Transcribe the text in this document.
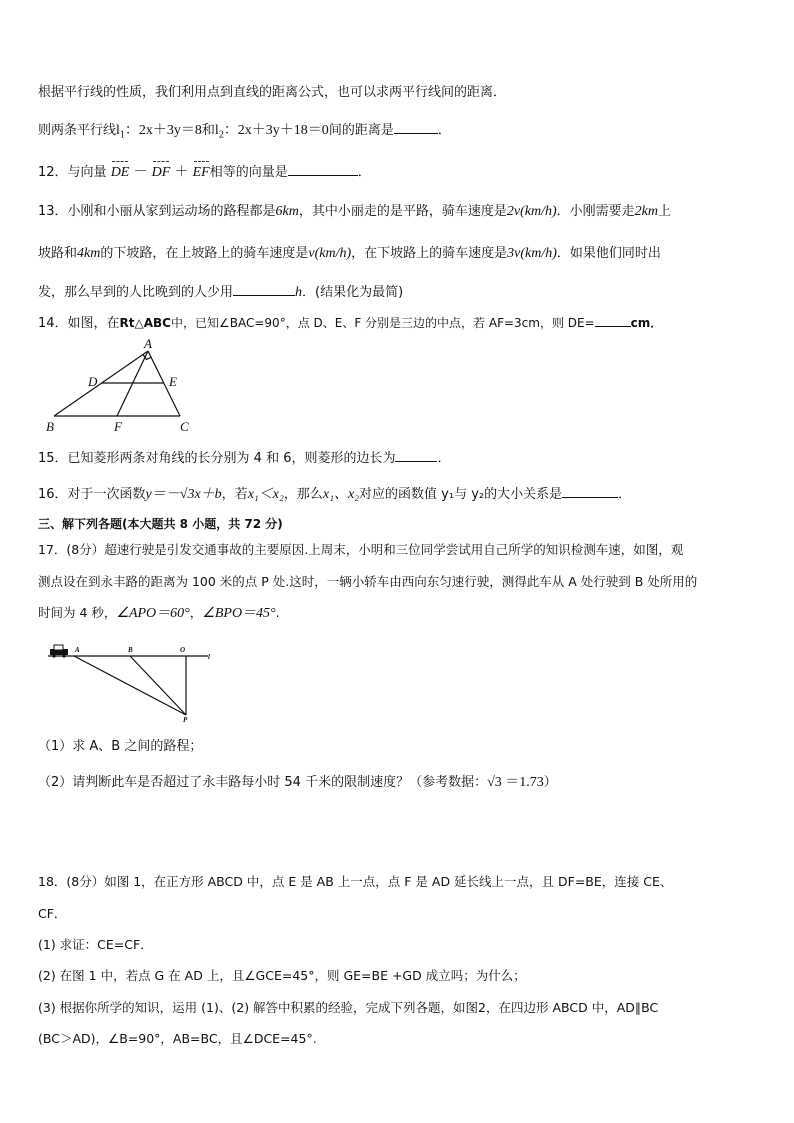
根据平行线的性质，我们利用点到直线的距离公式，也可以求两平行线间的距离．
则两条平行线$l_1$：2x＋3y＝8和$l_2$：2x＋3y＋18＝0间的距离是	．
12．与向量 DE － DF ＋ EF相等的向量是	．
13．小刚和小丽从家到运动场的路程都是6km，其中小丽走的是平路，骑车速度是2v(km/h)．小刚需要走2km上
坡路和4km的下坡路，在上坡路上的骑车速度是v(km/h)，在下坡路上的骑车速度是3v(km/h)．如果他们同时出
发，那么早到的人比晚到的人少用	h．(结果化为最简)
14．如图，在Rt△ABC中，已知∠BAC=90°，点 D、E、F 分别是三边的中点，若 AF=3cm，则 DE=	cm．
A
D	E
B	F	C
15．已知菱形两条对角线的长分别为 4 和 6，则菱形的边长为	．
16．对于一次函数y＝－√3x＋b，若x₁＜x₂，那么x₁、x₂对应的函数值 y₁与 y₂的大小关系是	．
三、解下列各题(本大题共 8 小题，共 72 分)
17．(8分）超速行驶是引发交通事故的主要原因.上周末，小明和三位同学尝试用自己所学的知识检测车速，如图，观
测点设在到永丰路的距离为 100 米的点 P 处.这时，一辆小轿车由西向东匀速行驶，测得此车从 A 处行驶到 B 处所用的
时间为 4 秒，∠APO＝60°，∠BPO＝45°.
A	B	O
l
P
（1）求 A、B 之间的路程；
（2）请判断此车是否超过了永丰路每小时 54 千米的限制速度？（参考数据：√3 ＝1.73）
18．(8分）如图 1，在正方形 ABCD 中，点 E 是 AB 上一点，点 F 是 AD 延长线上一点，且 DF=BE，连接 CE、
CF．
(1) 求证：CE=CF．
(2) 在图 1 中，若点 G 在 AD 上，且∠GCE=45°，则 GE=BE +GD 成立吗；为什么；
(3) 根据你所学的知识，运用 (1)、(2) 解答中积累的经验，完成下列各题，如图2，在四边形 ABCD 中，AD∥BC
(BC＞AD)，∠B=90°，AB=BC，且∠DCE=45°.
